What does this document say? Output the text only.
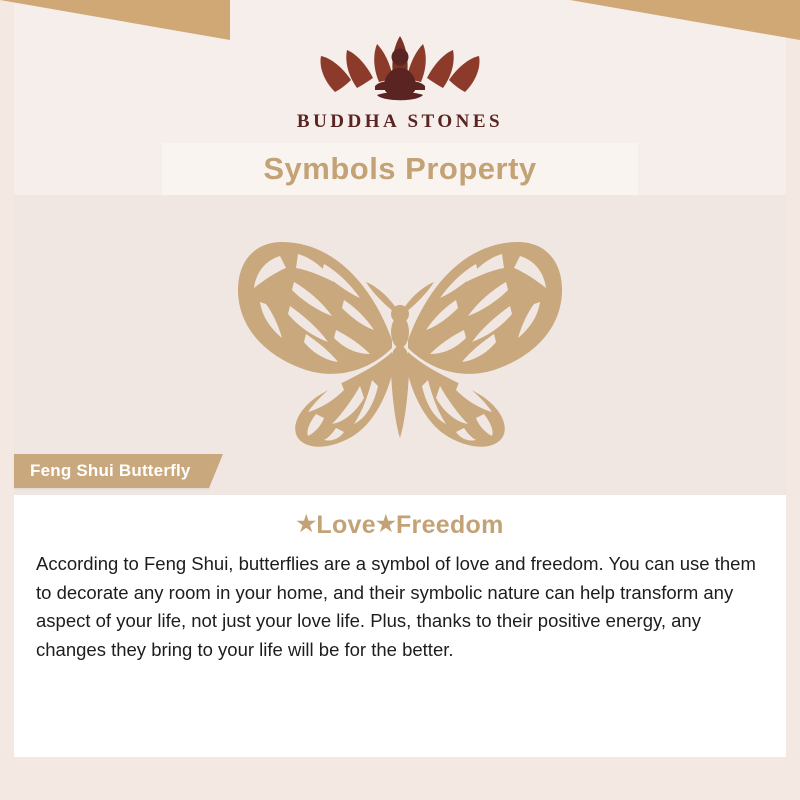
BUDDHA STONES
Symbols Property
Feng Shui Butterfly
★Love★Freedom
According to Feng Shui, butterflies are a symbol of love and freedom. You can use them to decorate any room in your home, and their symbolic nature can help transform any aspect of your life, not just your love life. Plus, thanks to their positive energy, any changes they bring to your life will be for the better.
